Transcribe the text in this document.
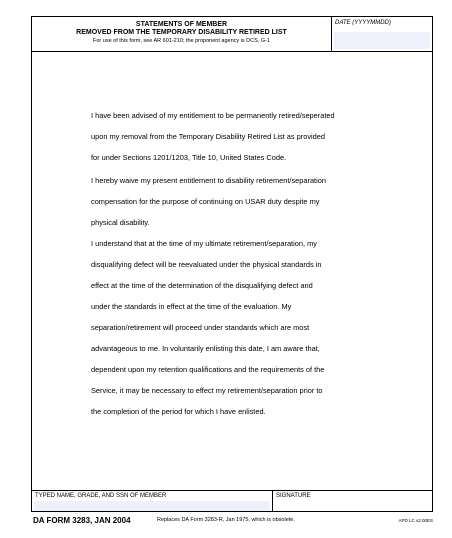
STATEMENTS OF MEMBER
REMOVED FROM THE TEMPORARY DISABILITY RETIRED LIST
For use of this form, see AR 601-210; the proponent agency is DCS, G-1
DATE (YYYYMMDD)
I have been advised of my entitlement to be permanently retired/seperated
upon my removal from the Temporary Disability Retired List as provided
for under Sections 1201/1203, Title 10, United States Code.
I hereby waive my present entitlement to disability retirement/separation
compensation for the purpose of continuing on USAR duty despite my
physical disability.
I understand that at the time of my ultimate retirement/separation, my
disqualifying defect will be reevaluated under the physical standards in
effect at the time of the determination of the disqualifying defect and
under the standards in effect at the time of the evaluation. My
separation/retirement will proceed under standards which are most
advantageous to me. In voluntarily enlisting this date, I am aware that,
dependent upon my retention qualifications and the requirements of the
Service, it may be necessary to effect my retirement/separation prior to
the completion of the period for which I have enlisted.
TYPED NAME, GRADE, AND SSN OF MEMBER	SIGNATURE
DA FORM 3283, JAN 2004	Replaces DA Form 3283-R, Jan 1975, which is obsolete.	APD LC v2.00ES
